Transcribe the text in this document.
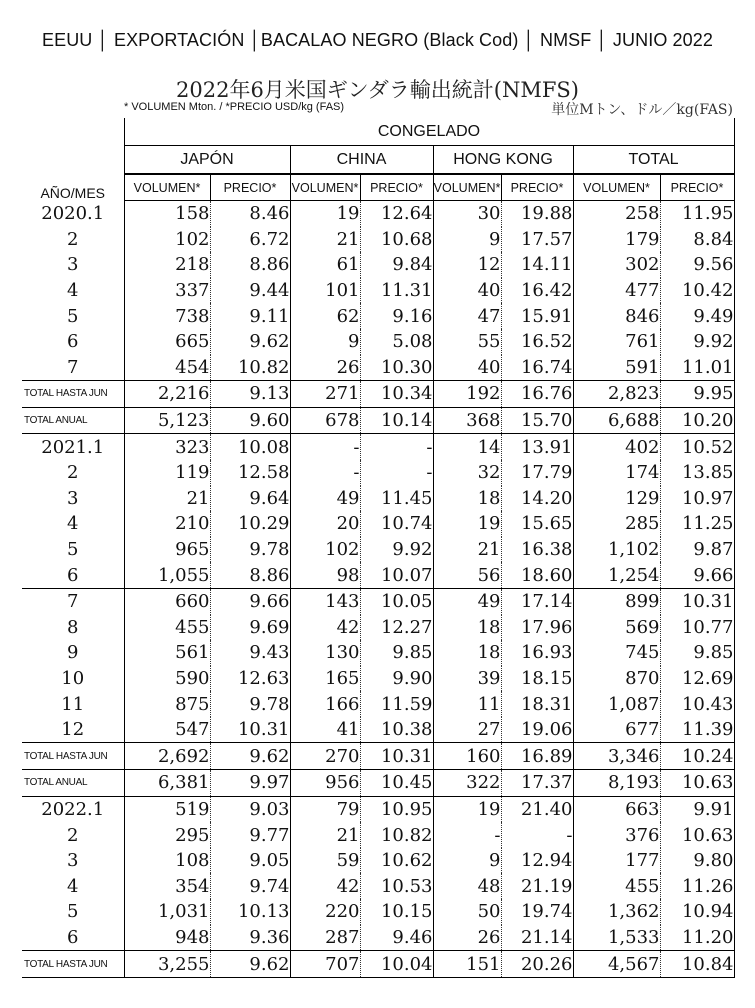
EEUU │ EXPORTACIÓN │BACALAO NEGRO (Black Cod) │ NMSF │ JUNIO 2022
2022年6月米国ギンダラ輸出統計(NMFS)
* VOLUMEN Mton. / *PRECIO USD/kg (FAS)	単位Mトン、ドル／kg(FAS)
	CONGELADO							
AÑO/MES	JAPÓN		CHINA		HONG KONG		TOTAL	
	VOLUMEN*	PRECIO*	VOLUMEN*	PRECIO*	VOLUMEN*	PRECIO*	VOLUMEN*	PRECIO*
2020.1	158	8.46	19	12.64	30	19.88	258	11.95
2	102	6.72	21	10.68	9	17.57	179	8.84
3	218	8.86	61	9.84	12	14.11	302	9.56
4	337	9.44	101	11.31	40	16.42	477	10.42
5	738	9.11	62	9.16	47	15.91	846	9.49
6	665	9.62	9	5.08	55	16.52	761	9.92
7	454	10.82	26	10.30	40	16.74	591	11.01
TOTAL HASTA JUN	2,216	9.13	271	10.34	192	16.76	2,823	9.95
TOTAL ANUAL	5,123	9.60	678	10.14	368	15.70	6,688	10.20
2021.1	323	10.08	-	-	14	13.91	402	10.52
2	119	12.58	-	-	32	17.79	174	13.85
3	21	9.64	49	11.45	18	14.20	129	10.97
4	210	10.29	20	10.74	19	15.65	285	11.25
5	965	9.78	102	9.92	21	16.38	1,102	9.87
6	1,055	8.86	98	10.07	56	18.60	1,254	9.66
7	660	9.66	143	10.05	49	17.14	899	10.31
8	455	9.69	42	12.27	18	17.96	569	10.77
9	561	9.43	130	9.85	18	16.93	745	9.85
10	590	12.63	165	9.90	39	18.15	870	12.69
11	875	9.78	166	11.59	11	18.31	1,087	10.43
12	547	10.31	41	10.38	27	19.06	677	11.39
TOTAL HASTA JUN	2,692	9.62	270	10.31	160	16.89	3,346	10.24
TOTAL ANUAL	6,381	9.97	956	10.45	322	17.37	8,193	10.63
2022.1	519	9.03	79	10.95	19	21.40	663	9.91
2	295	9.77	21	10.82	-	-	376	10.63
3	108	9.05	59	10.62	9	12.94	177	9.80
4	354	9.74	42	10.53	48	21.19	455	11.26
5	1,031	10.13	220	10.15	50	19.74	1,362	10.94
6	948	9.36	287	9.46	26	21.14	1,533	11.20
TOTAL HASTA JUN	3,255	9.62	707	10.04	151	20.26	4,567	10.84
